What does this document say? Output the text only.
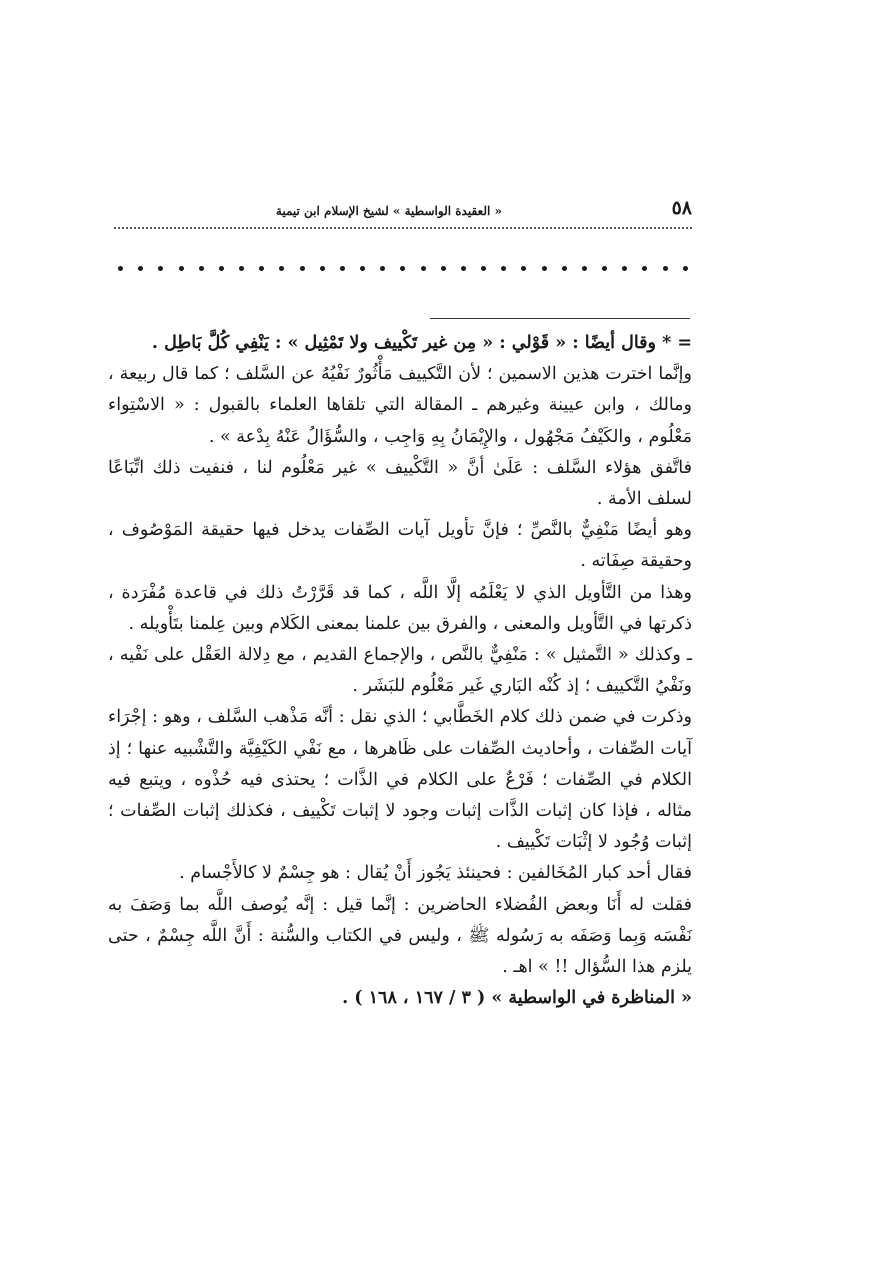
٥٨
« العقيدة الواسطية » لشيخ الإسلام ابن تيمية

= * وقال أيضًا : « قَوْلي : « مِن غير تَكْييف ولا تَمْثِيل » : يَنْفِي كُلَّ بَاطِل .

وإنَّما اخترت هذين الاسمين ؛ لأن التَّكييف مَأْثُورٌ نَفْيُهُ عن السَّلف ؛ كما قال ربيعة ، ومالك ، وابن عيينة وغيرهم ـ المقالة التي تلقاها العلماء بالقبول : « الاسْتِواء مَعْلُوم ، والكَيْفُ مَجْهُول ، والإِيْمَانُ بِهِ وَاجِب ، والسُّؤَالُ عَنْهُ بِدْعة » .

فاتَّفق هؤلاء السَّلف : عَلَىٰ أنَّ « التَّكْييف » غير مَعْلُوم لنا ، فنفيت ذلك اتِّبَاعًا لسلف الأمة .

وهو أيضًا مَنْفِيٌّ بالنَّصِّ ؛ فإنَّ تأويل آيات الصِّفات يدخل فيها حقيقة المَوْصُوف ، وحقيقة صِفَاته .

وهذا من التَّأويل الذي لا يَعْلَمُه إلَّا اللَّه ، كما قد قَرَّرْتُ ذلك في قاعدة مُفْرَدة ، ذكرتها في التَّأويل والمعنى ، والفرق بين علمنا بمعنى الكَلام وبين عِلمنا بتَأْويله .

ـ وكذلك « التَّمثيل » : مَنْفِيٌّ بالنَّص ، والإجماع القديم ، مع دِلالة العَقْل على نَفْيه ، ونَفْيُ التَّكييف ؛ إذ كُنْه البَاري غَير مَعْلُوم للبَشَر .

وذكرت في ضمن ذلك كلام الخَطَّابي ؛ الذي نقل : أنَّه مَذْهب السَّلف ، وهو : إجْرَاء آيات الصِّفات ، وأحاديث الصِّفات على ظَاهرها ، مع نَفْي الكَيْفِيَّة والتَّشْبيه عنها ؛ إذ الكلام في الصِّفات ؛ فَرْعٌ على الكلام في الذَّات ؛ يحتذى فيه حُذْوه ، ويتبع فيه مثاله ، فإذا كان إثبات الذَّات إثبات وجود لا إثبات تَكْييف ، فكذلك إثبات الصِّفات ؛ إثبات وُجُود لا إثْبَات تَكْييف .

فقال أحد كبار المُخَالفين : فحينئذ يَجُوز أَنْ يُقال : هو جِسْمٌ لا كالأَجْسام .

فقلت له أَنَا وبعض الفُضلاء الحاضرين : إنَّما قيل : إنَّه يُوصف اللَّه بما وَصَفَ به نَفْسَه وَبِما وَصَفَه به رَسُوله ﷺ ، وليس في الكتاب والسُّنة : أَنَّ اللَّه جِسْمٌ ، حتى يلزم هذا السُّؤال !! » اهـ .

« المناظرة في الواسطية » ( ٣ / ١٦٧ ، ١٦٨ ) .
